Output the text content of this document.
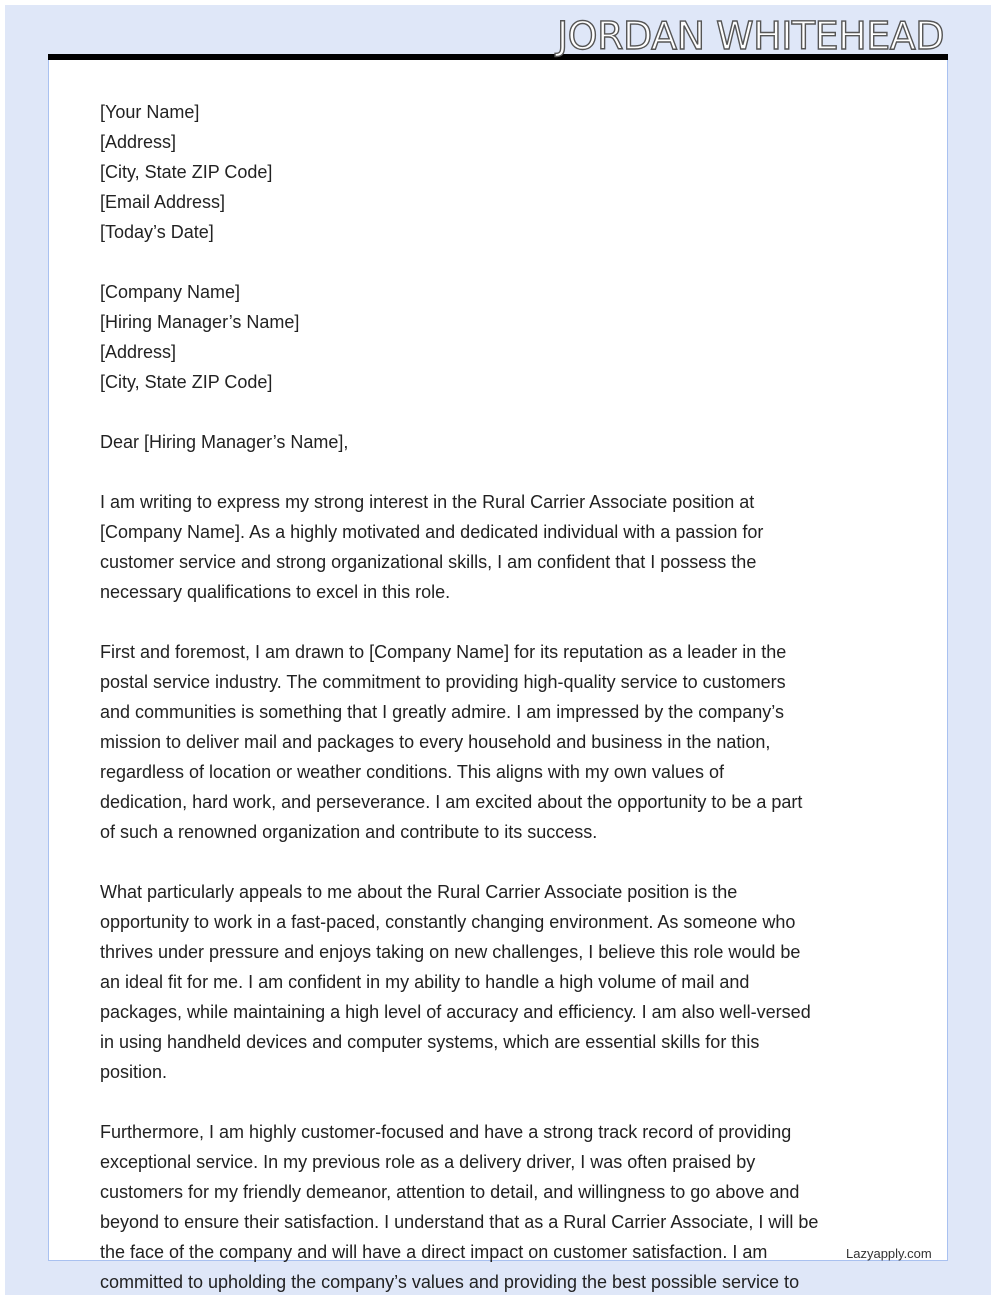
JORDAN WHITEHEAD
Lazyapply.com
[Your Name]
[Address]
[City, State ZIP Code]
[Email Address]
[Today’s Date]
[Company Name]
[Hiring Manager’s Name]
[Address]
[City, State ZIP Code]
Dear [Hiring Manager’s Name],
I am writing to express my strong interest in the Rural Carrier Associate position at
[Company Name]. As a highly motivated and dedicated individual with a passion for
customer service and strong organizational skills, I am confident that I possess the
necessary qualifications to excel in this role.
First and foremost, I am drawn to [Company Name] for its reputation as a leader in the
postal service industry. The commitment to providing high-quality service to customers
and communities is something that I greatly admire. I am impressed by the company’s
mission to deliver mail and packages to every household and business in the nation,
regardless of location or weather conditions. This aligns with my own values of
dedication, hard work, and perseverance. I am excited about the opportunity to be a part
of such a renowned organization and contribute to its success.
What particularly appeals to me about the Rural Carrier Associate position is the
opportunity to work in a fast-paced, constantly changing environment. As someone who
thrives under pressure and enjoys taking on new challenges, I believe this role would be
an ideal fit for me. I am confident in my ability to handle a high volume of mail and
packages, while maintaining a high level of accuracy and efficiency. I am also well-versed
in using handheld devices and computer systems, which are essential skills for this
position.
Furthermore, I am highly customer-focused and have a strong track record of providing
exceptional service. In my previous role as a delivery driver, I was often praised by
customers for my friendly demeanor, attention to detail, and willingness to go above and
beyond to ensure their satisfaction. I understand that as a Rural Carrier Associate, I will be
the face of the company and will have a direct impact on customer satisfaction. I am
committed to upholding the company’s values and providing the best possible service to
